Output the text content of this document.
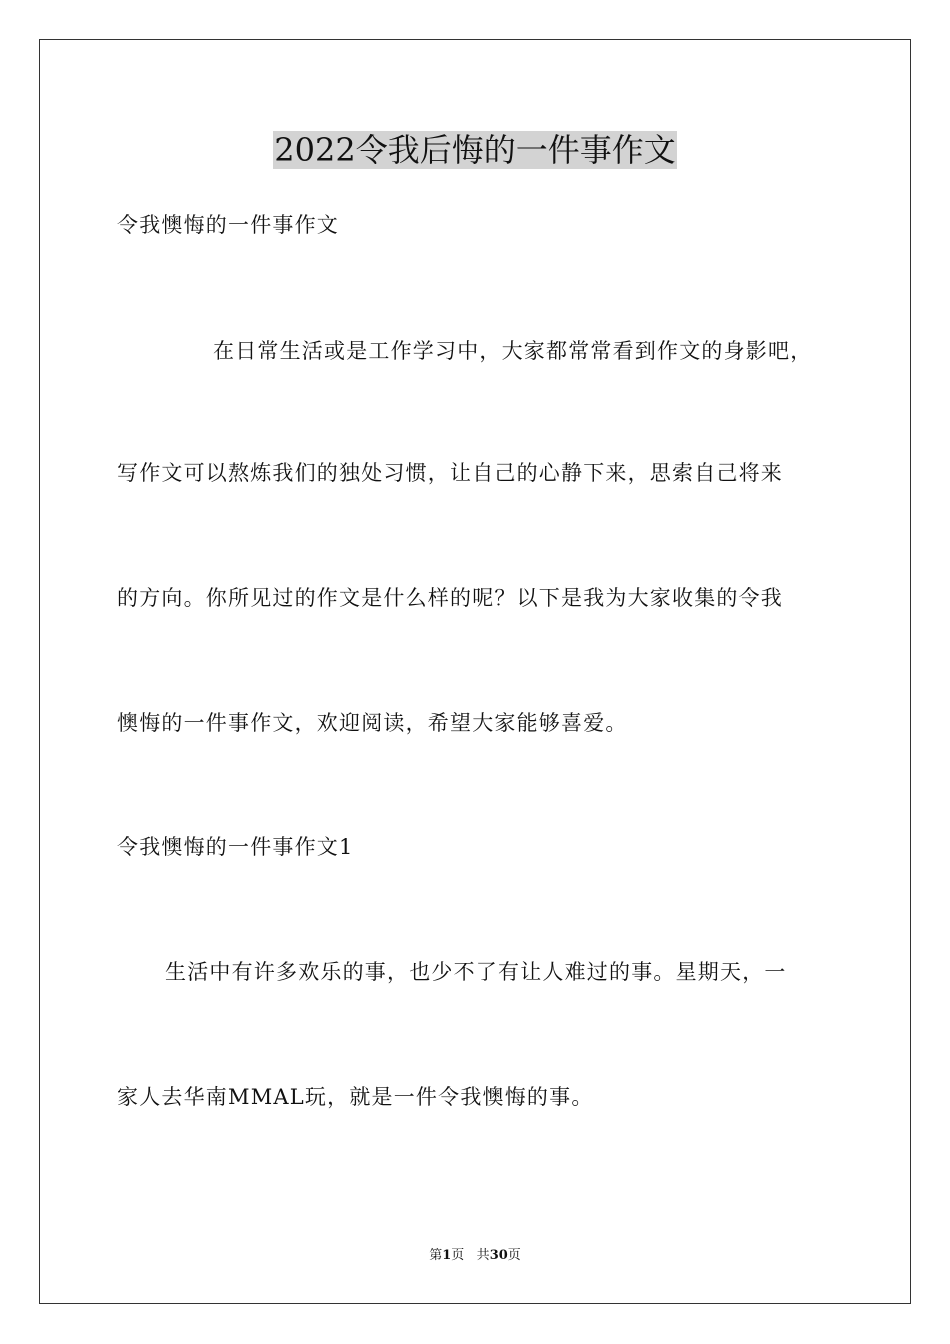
2022令我后悔的一件事作文

令我懊悔的一件事作文

在日常生活或是工作学习中，大家都常常看到作文的身影吧，

写作文可以熬炼我们的独处习惯，让自己的心静下来，思索自己将来

的方向。你所见过的作文是什么样的呢？以下是我为大家收集的令我

懊悔的一件事作文，欢迎阅读，希望大家能够喜爱。

令我懊悔的一件事作文1

生活中有许多欢乐的事，也少不了有让人难过的事。星期天，一

家人去华南MMAL玩，就是一件令我懊悔的事。

第1页 共30页
